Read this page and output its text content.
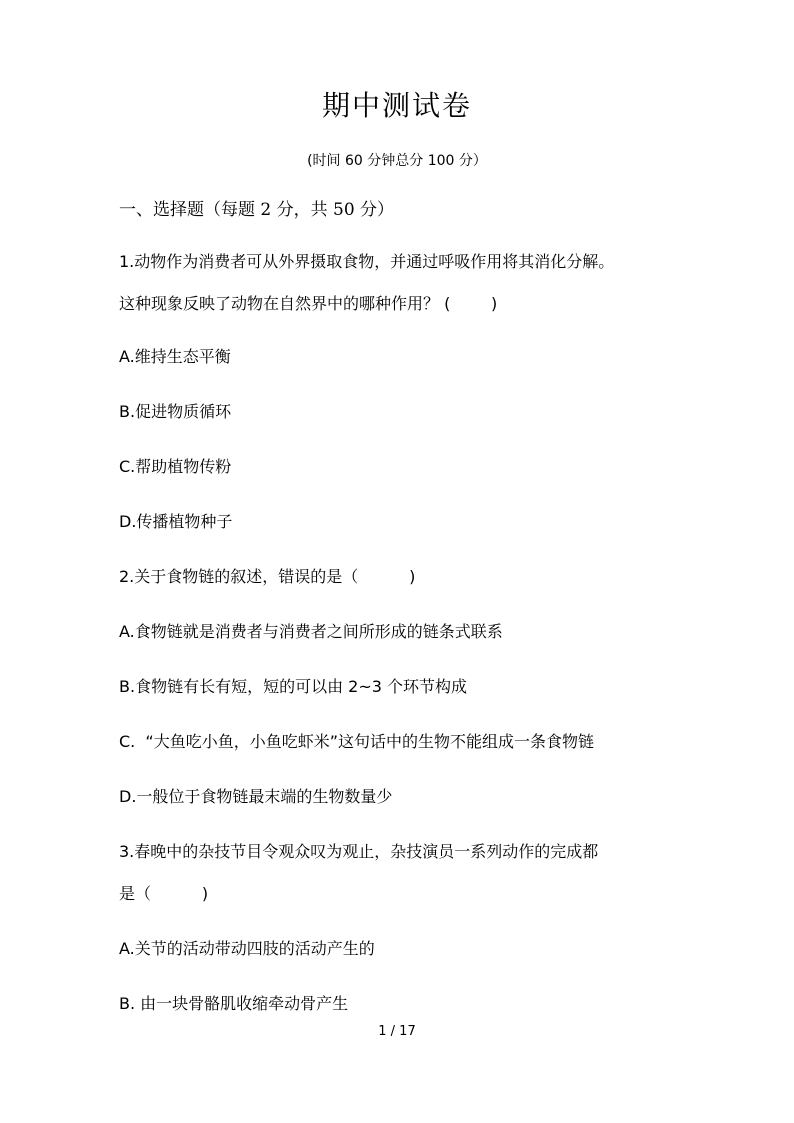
期中测试卷
(时间 60 分钟总分 100 分）
一、选择题（每题 2 分，共 50 分）
1.动物作为消费者可从外界摄取食物，并通过呼吸作用将其消化分解。
这种现象反映了动物在自然界中的哪种作用？ (        )
A.维持生态平衡
B.促进物质循环
C.帮助植物传粉
D.传播植物种子
2.关于食物链的叙述，错误的是（          )
A.食物链就是消费者与消费者之间所形成的链条式联系
B.食物链有长有短，短的可以由 2~3 个环节构成
C.  “大鱼吃小鱼，小鱼吃虾米”这句话中的生物不能组成一条食物链
D.一般位于食物链最末端的生物数量少
3.春晚中的杂技节目令观众叹为观止，杂技演员一系列动作的完成都
是（          )
A.关节的活动带动四肢的活动产生的
B. 由一块骨骼肌收缩牵动骨产生
1 / 17
